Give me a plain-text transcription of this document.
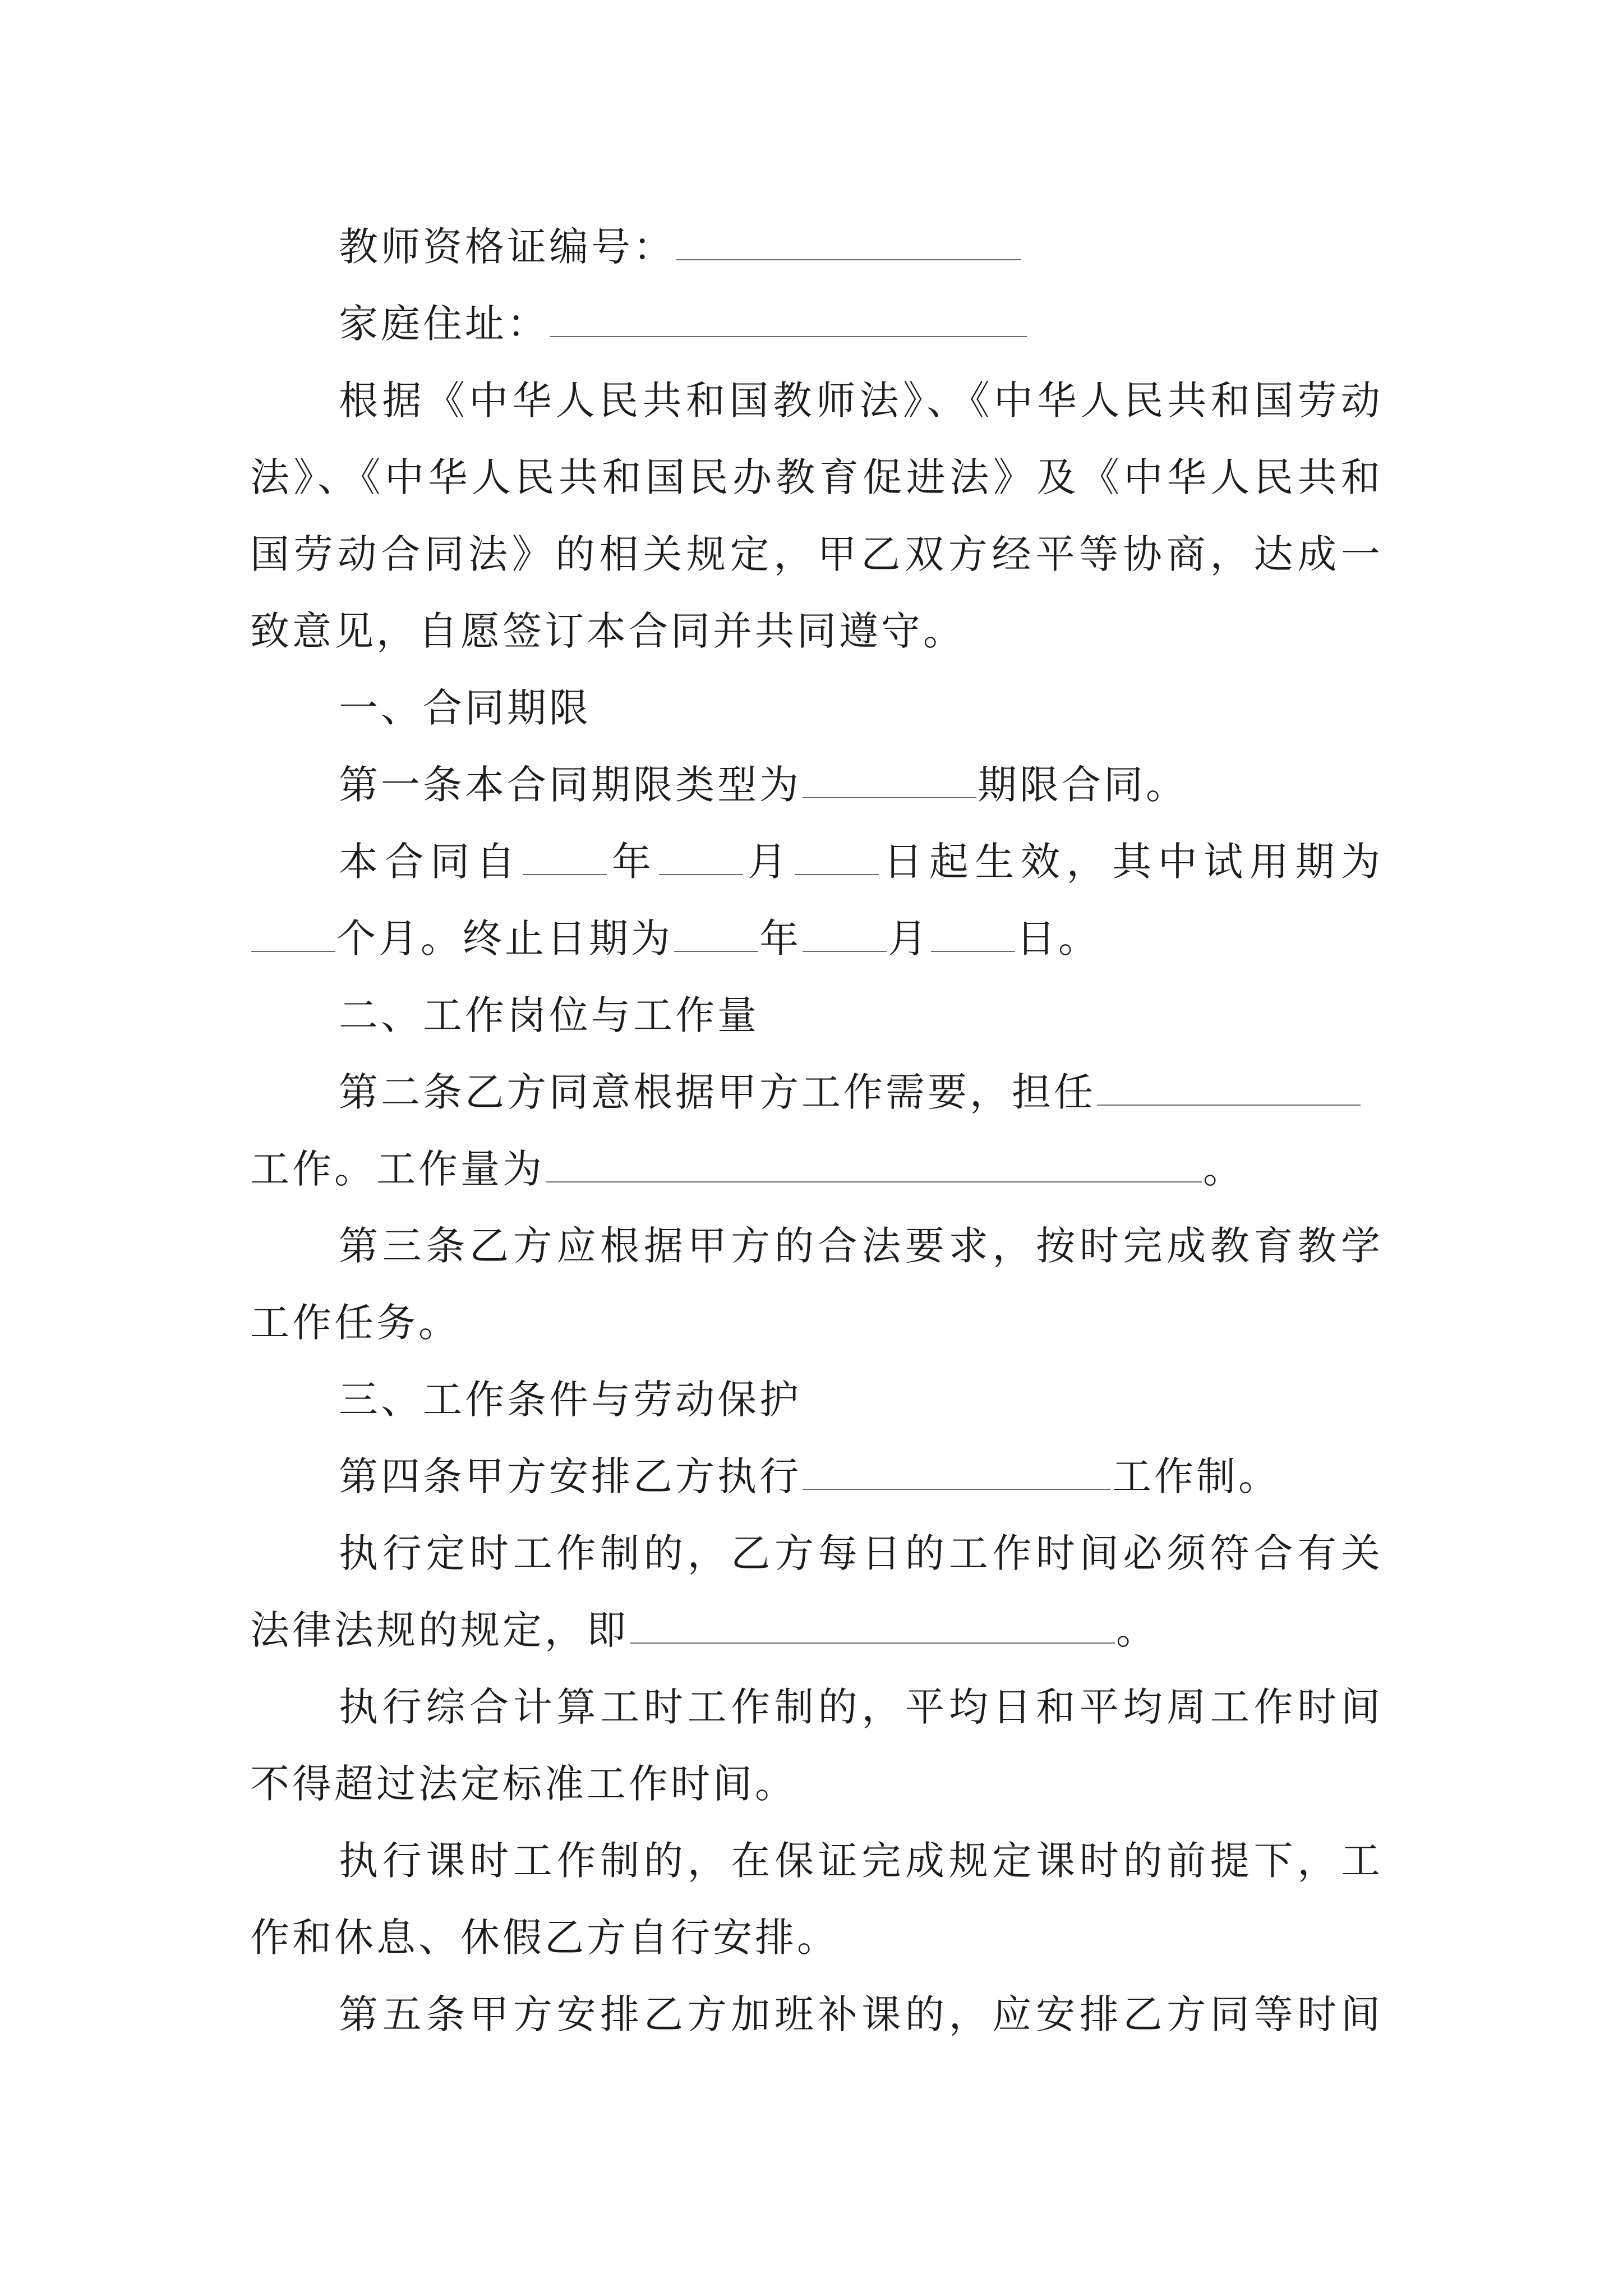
教师资格证编号：
家庭住址：
根据《中华人民共和国教师法》、《中华人民共和国劳动
法》、《中华人民共和国民办教育促进法》及《中华人民共和
国劳动合同法》的相关规定，甲乙双方经平等协商，达成一
致意见，自愿签订本合同并共同遵守。
一、合同期限
第一条本合同期限类型为	期限合同。
本合同自 年 月 日起生效，其中试用期为
个月。终止日期为 年 月 日。
二、工作岗位与工作量
第二条乙方同意根据甲方工作需要，担任
工作。工作量为	。
第三条乙方应根据甲方的合法要求，按时完成教育教学
工作任务。
三、工作条件与劳动保护
第四条甲方安排乙方执行	工作制。
执行定时工作制的，乙方每日的工作时间必须符合有关
法律法规的规定，即	。
执行综合计算工时工作制的，平均日和平均周工作时间
不得超过法定标准工作时间。
执行课时工作制的，在保证完成规定课时的前提下，工
作和休息、休假乙方自行安排。
第五条甲方安排乙方加班补课的，应安排乙方同等时间
